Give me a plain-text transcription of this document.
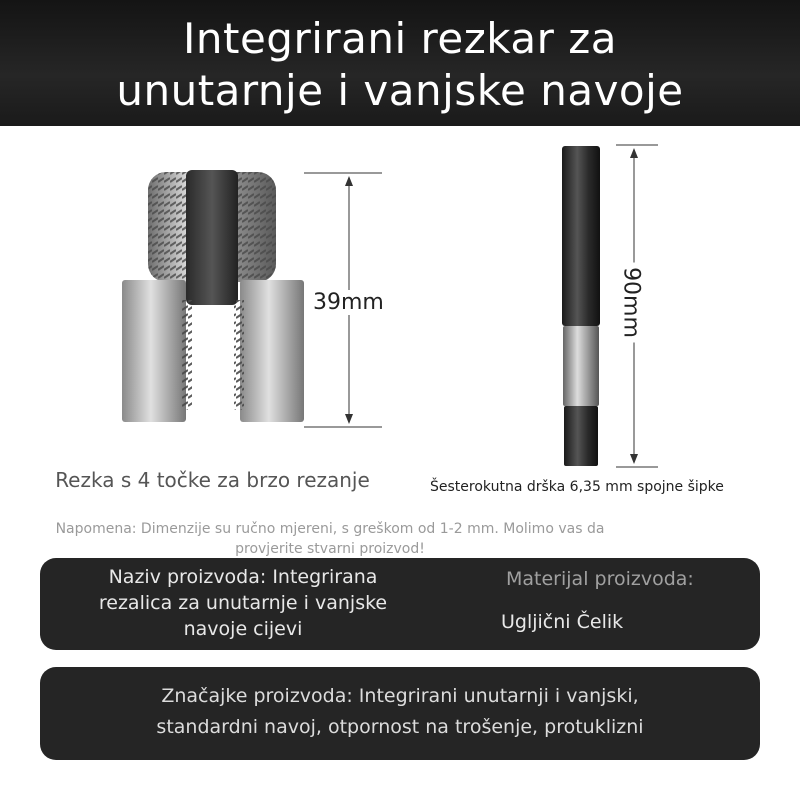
Integrirani rezkar za
unutarnje i vanjske navoje
39mm	90mm
Rezka s 4 točke za brzo rezanje	Šesterokutna drška 6,35 mm spojne šipke
Napomena: Dimenzije su ručno mjereni, s greškom od 1-2 mm. Molimo vas da
provjerite stvarni proizvod!
Naziv proizvoda: Integrirana
rezalica za unutarnje i vanjske
navoje cijevi
Materijal proizvoda:
Ugljični Čelik
Značajke proizvoda: Integrirani unutarnji i vanjski,
standardni navoj, otpornost na trošenje, protuklizni
